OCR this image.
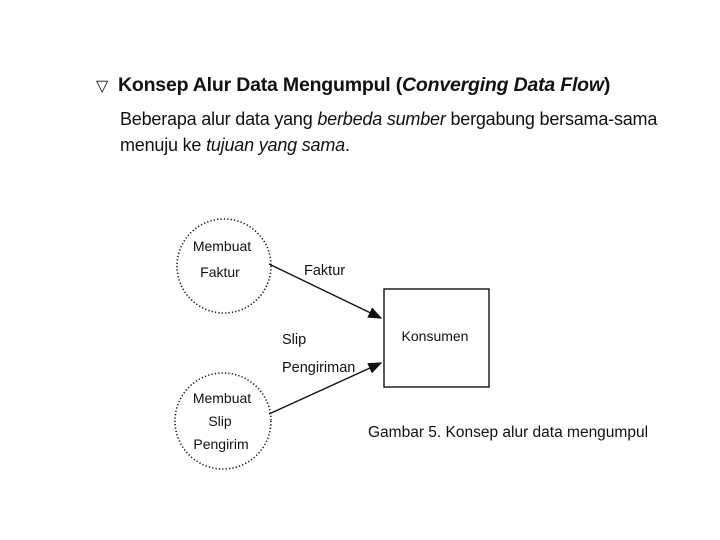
▽ Konsep Alur Data Mengumpul (Converging Data Flow)
Beberapa alur data yang berbeda sumber bergabung bersama-sama
menuju ke tujuan yang sama.
Membuat
Faktur
Membuat
Slip
Pengirim
Konsumen
Faktur
Slip
Pengiriman
Gambar 5. Konsep alur data mengumpul
